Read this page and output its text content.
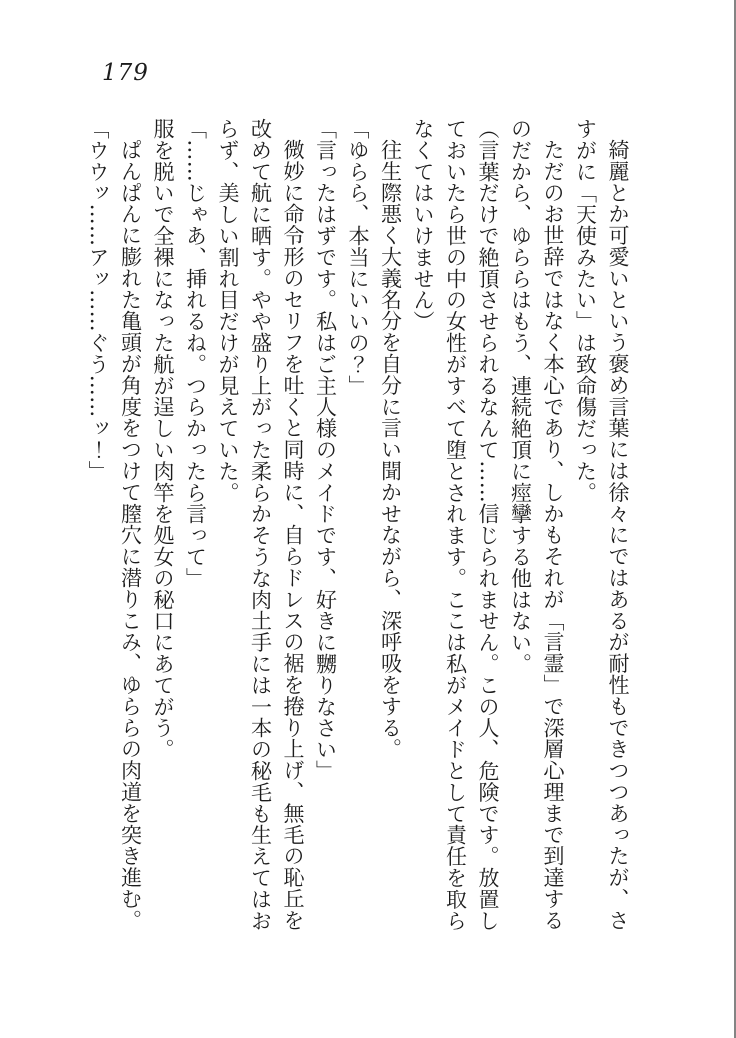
179
綺麗とか可愛いという褒め言葉には徐々にではあるが耐性もできつつあったが、さ
すがに「天使みたい」は致命傷だった。
ただのお世辞ではなく本心であり、しかもそれが「言霊」で深層心理まで到達する
のだから、ゆららはもう、連続絶頂に痙攣する他はない。
（言葉だけで絶頂させられるなんて……信じられません。この人、危険です。放置し
ておいたら世の中の女性がすべて堕とされます。ここは私がメイドとして責任を取ら
なくてはいけません）
往生際悪く大義名分を自分に言い聞かせながら、深呼吸をする。
「ゆらら、本当にいいの？」
「言ったはずです。私はご主人様のメイドです、好きに嬲りなさい」
微妙に命令形のセリフを吐くと同時に、自らドレスの裾を捲り上げ、無毛の恥丘を
改めて航に晒す。やや盛り上がった柔らかそうな肉土手には一本の秘毛も生えてはお
らず、美しい割れ目だけが見えていた。
「……じゃあ、挿れるね。つらかったら言って」
服を脱いで全裸になった航が逞しい肉竿を処女の秘口にあてがう。
ぱんぱんに膨れた亀頭が角度をつけて膣穴に潜りこみ、ゆららの肉道を突き進む。
「ウウッ……アッ……ぐう……ッ！」
